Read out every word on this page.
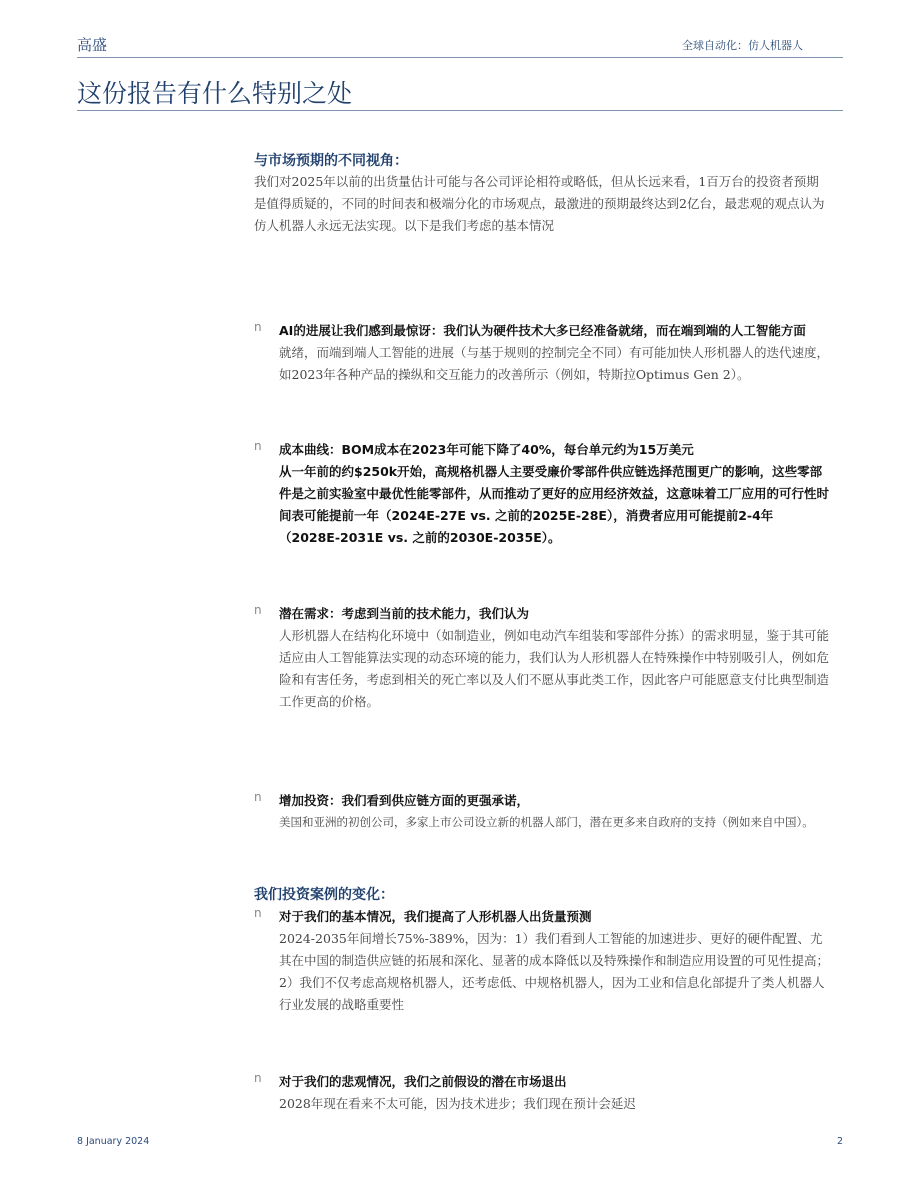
高盛	全球自动化：仿人机器人
这份报告有什么特别之处
与市场预期的不同视角：

我们对2025年以前的出货量估计可能与各公司评论相符或略低，但从长远来看，1百万台的投资者预期是值得质疑的，不同的时间表和极端分化的市场观点，最激进的预期最终达到2亿台，最悲观的观点认为仿人机器人永远无法实现。以下是我们考虑的基本情况

n AI的进展让我们感到最惊讶：我们认为硬件技术大多已经准备就绪，而在端到端的人工智能方面
就绪，而端到端人工智能的进展（与基于规则的控制完全不同）有可能加快人形机器人的迭代速度，如2023年各种产品的操纵和交互能力的改善所示（例如，特斯拉Optimus Gen 2）。
n 成本曲线：BOM成本在2023年可能下降了40%，每台单元约为15万美元
从一年前的约$250k开始，高规格机器人主要受廉价零部件供应链选择范围更广的影响，这些零部件是之前实验室中最优性能零部件，从而推动了更好的应用经济效益，这意味着工厂应用的可行性时间表可能提前一年（2024E-27E vs. 之前的2025E-28E），消费者应用可能提前2-4年（2028E-2031E vs. 之前的2030E-2035E）。
n 潜在需求：考虑到当前的技术能力，我们认为
人形机器人在结构化环境中（如制造业，例如电动汽车组装和零部件分拣）的需求明显，鉴于其可能适应由人工智能算法实现的动态环境的能力，我们认为人形机器人在特殊操作中特别吸引人，例如危险和有害任务，考虑到相关的死亡率以及人们不愿从事此类工作，因此客户可能愿意支付比典型制造工作更高的价格。
n 增加投资：我们看到供应链方面的更强承诺，
美国和亚洲的初创公司，多家上市公司设立新的机器人部门，潜在更多来自政府的支持（例如来自中国）。
我们投资案例的变化：
n 对于我们的基本情况，我们提高了人形机器人出货量预测
2024-2035年间增长75%-389%，因为：1）我们看到人工智能的加速进步、更好的硬件配置、尤其在中国的制造供应链的拓展和深化、显著的成本降低以及特殊操作和制造应用设置的可见性提高；2）我们不仅考虑高规格机器人，还考虑低、中规格机器人，因为工业和信息化部提升了类人机器人行业发展的战略重要性
n 对于我们的悲观情况，我们之前假设的潜在市场退出
2028年现在看来不太可能，因为技术进步；我们现在预计会延迟
8 January 2024	2
